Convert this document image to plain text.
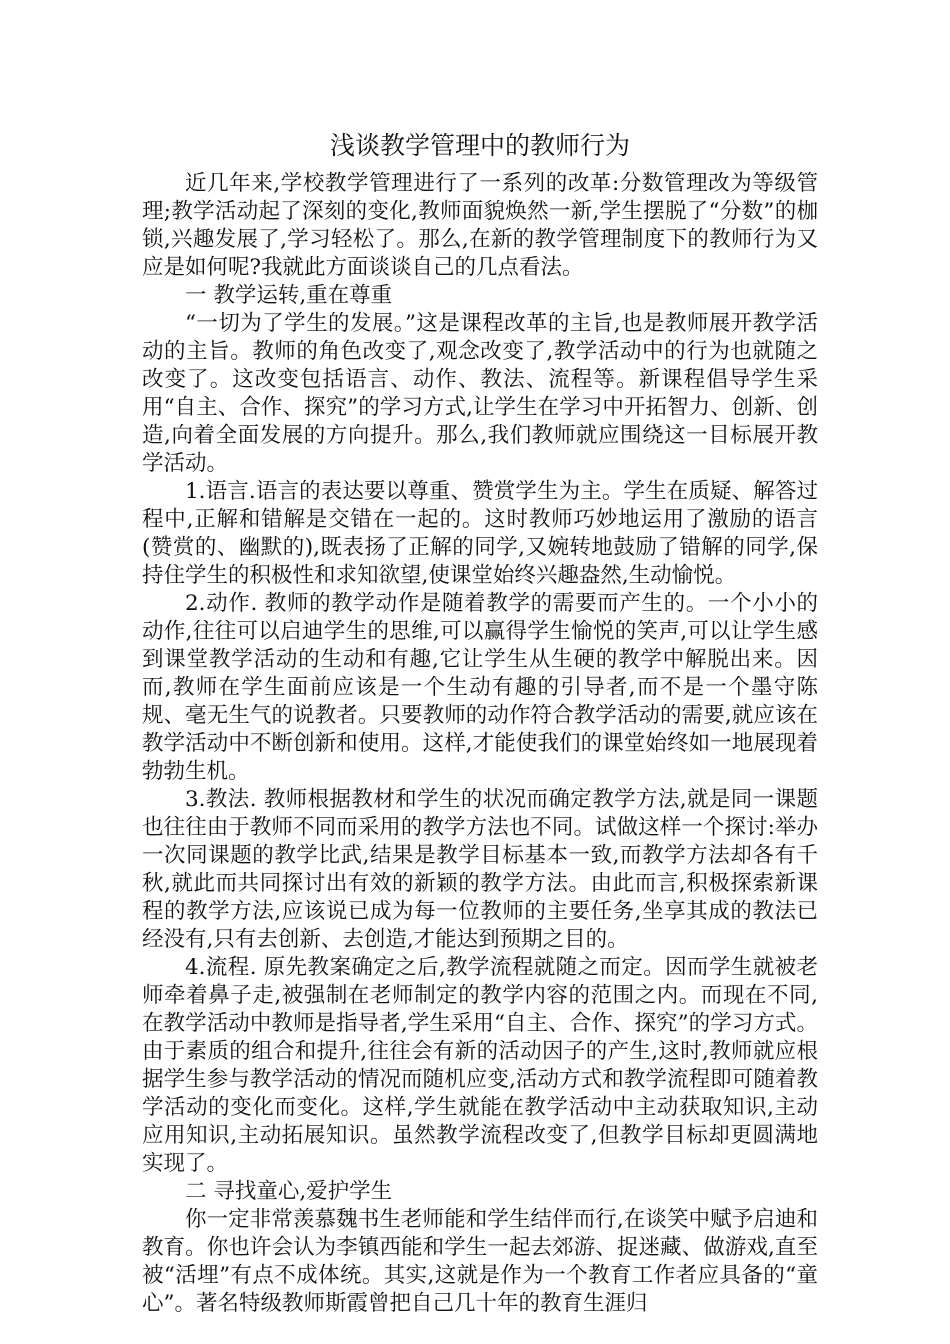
浅谈教学管理中的教师行为

近几年来,学校教学管理进行了一系列的改革:分数管理改为等级管理;教学活动起了深刻的变化,教师面貌焕然一新,学生摆脱了“分数”的枷锁,兴趣发展了,学习轻松了。那么,在新的教学管理制度下的教师行为又应是如何呢?我就此方面谈谈自己的几点看法。

一 教学运转,重在尊重

“一切为了学生的发展。”这是课程改革的主旨,也是教师展开教学活动的主旨。教师的角色改变了,观念改变了,教学活动中的行为也就随之改变了。这改变包括语言、动作、教法、流程等。新课程倡导学生采用“自主、合作、探究”的学习方式,让学生在学习中开拓智力、创新、创造,向着全面发展的方向提升。那么,我们教师就应围绕这一目标展开教学活动。

1.语言.语言的表达要以尊重、赞赏学生为主。学生在质疑、解答过程中,正解和错解是交错在一起的。这时教师巧妙地运用了激励的语言(赞赏的、幽默的),既表扬了正解的同学,又婉转地鼓励了错解的同学,保持住学生的积极性和求知欲望,使课堂始终兴趣盎然,生动愉悦。

2.动作. 教师的教学动作是随着教学的需要而产生的。一个小小的动作,往往可以启迪学生的思维,可以赢得学生愉悦的笑声,可以让学生感到课堂教学活动的生动和有趣,它让学生从生硬的教学中解脱出来。因而,教师在学生面前应该是一个生动有趣的引导者,而不是一个墨守陈规、毫无生气的说教者。只要教师的动作符合教学活动的需要,就应该在教学活动中不断创新和使用。这样,才能使我们的课堂始终如一地展现着勃勃生机。

3.教法. 教师根据教材和学生的状况而确定教学方法,就是同一课题也往往由于教师不同而采用的教学方法也不同。试做这样一个探讨:举办一次同课题的教学比武,结果是教学目标基本一致,而教学方法却各有千秋,就此而共同探讨出有效的新颖的教学方法。由此而言,积极探索新课程的教学方法,应该说已成为每一位教师的主要任务,坐享其成的教法已经没有,只有去创新、去创造,才能达到预期之目的。

4.流程. 原先教案确定之后,教学流程就随之而定。因而学生就被老师牵着鼻子走,被强制在老师制定的教学内容的范围之内。而现在不同,在教学活动中教师是指导者,学生采用“自主、合作、探究”的学习方式。由于素质的组合和提升,往往会有新的活动因子的产生,这时,教师就应根据学生参与教学活动的情况而随机应变,活动方式和教学流程即可随着教学活动的变化而变化。这样,学生就能在教学活动中主动获取知识,主动应用知识,主动拓展知识。虽然教学流程改变了,但教学目标却更圆满地实现了。

二 寻找童心,爱护学生

你一定非常羡慕魏书生老师能和学生结伴而行,在谈笑中赋予启迪和教育。你也许会认为李镇西能和学生一起去郊游、捉迷藏、做游戏,直至被“活埋”有点不成体统。其实,这就是作为一个教育工作者应具备的“童心”。著名特级教师斯霞曾把自己几十年的教育生涯归
